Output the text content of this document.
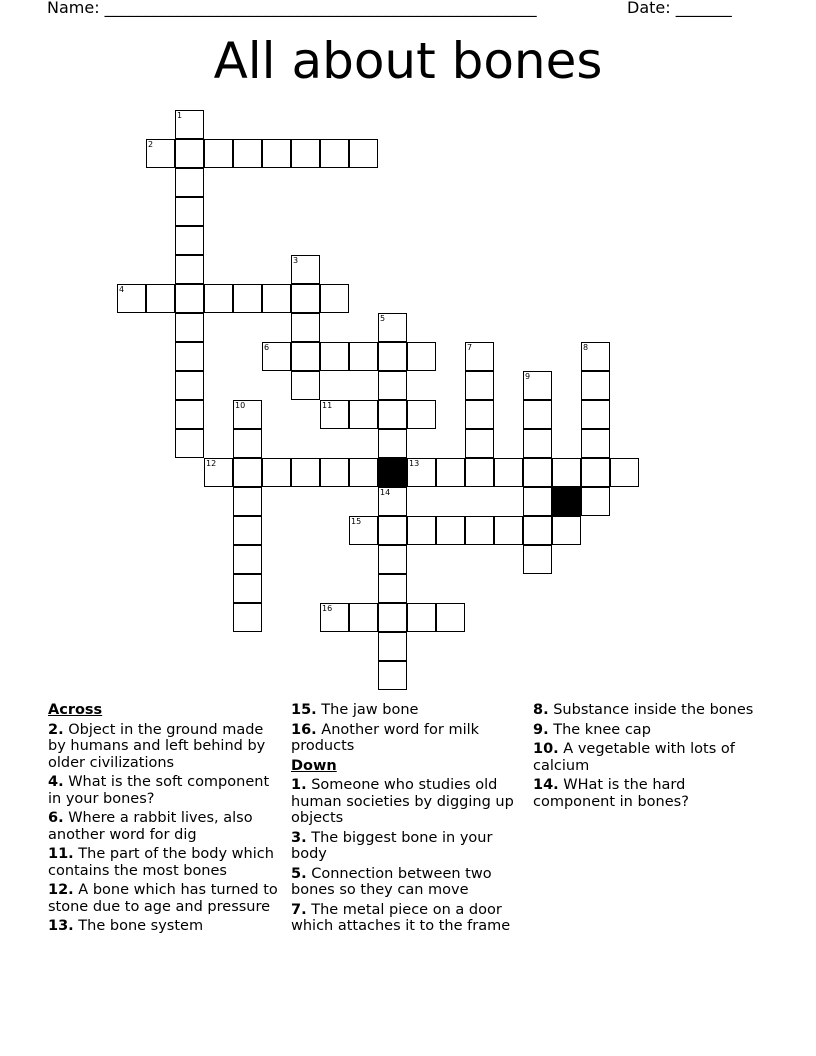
Name: ______________________________________________________	Date: _______
All about bones
1
2
3
4
5
6	7	8
9
10	11
12	13
14
15
16
Across
2. Object in the ground made by humans and left behind by older civilizations
4. What is the soft component in your bones?
6. Where a rabbit lives, also another word for dig
11. The part of the body which contains the most bones
12. A bone which has turned to stone due to age and pressure
13. The bone system
15. The jaw bone
16. Another word for milk products
Down
1. Someone who studies old human societies by digging up objects
3. The biggest bone in your body
5. Connection between two bones so they can move
7. The metal piece on a door which attaches it to the frame
8. Substance inside the bones
9. The knee cap
10. A vegetable with lots of calcium
14. WHat is the hard component in bones?
